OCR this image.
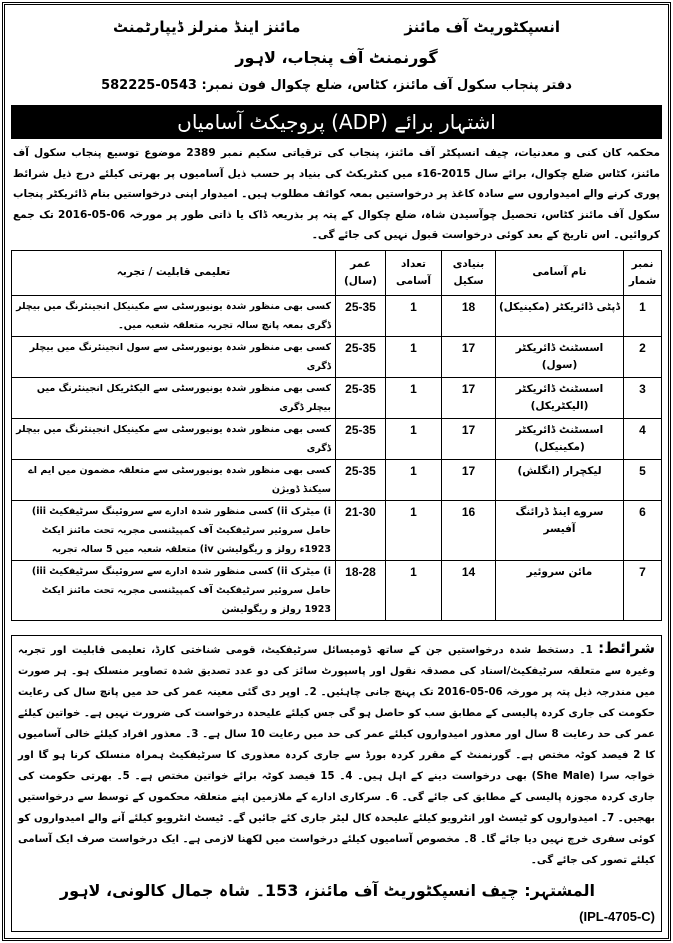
انسپکٹوریٹ آف مائنز
مائنز اینڈ منرلز ڈیپارٹمنٹ
گورنمنٹ آف پنجاب، لاہور
دفتر پنجاب سکول آف مائنز، کٹاس، ضلع چکوال فون نمبر: 0543-582225
اشتہار برائے (ADP) پروجیکٹ آسامیاں
محکمہ کان کنی و معدنیات، چیف انسپکٹر آف مائنز، پنجاب کی ترقیاتی سکیم نمبر 2389 موضوع توسیع پنجاب سکول آف مائنز، کٹاس ضلع چکوال، برائے سال 2015-16ء میں کنٹریکٹ کی بنیاد پر حسب ذیل آسامیوں پر بھرتی کیلئے درج ذیل شرائط پوری کرنے والے امیدواروں سے سادہ کاغذ پر درخواستیں بمعہ کوائف مطلوب ہیں۔ امیدوار اپنی درخواستیں بنام ڈائریکٹر پنجاب سکول آف مائنز کٹاس، تحصیل چوآسیدن شاہ، ضلع چکوال کے پتہ پر بذریعہ ڈاک یا ذاتی طور پر مورخہ 06-05-2016 تک جمع کروائیں۔ اس تاریخ کے بعد کوئی درخواست قبول نہیں کی جائے گی۔
نمبر شمار	نام آسامی	بنیادی سکیل	تعداد آسامی	عمر (سال)	تعلیمی قابلیت / تجربہ
1	ڈپٹی ڈائریکٹر (مکینیکل)	18	1	25-35	کسی بھی منظور شدہ یونیورسٹی سے مکینیکل انجینئرنگ میں بیچلر ڈگری بمعہ پانچ سالہ تجربہ متعلقہ شعبہ میں۔
2	اسسٹنٹ ڈائریکٹر (سول)	17	1	25-35	کسی بھی منظور شدہ یونیورسٹی سے سول انجینئرنگ میں بیچلر ڈگری
3	اسسٹنٹ ڈائریکٹر (الیکٹریکل)	17	1	25-35	کسی بھی منظور شدہ یونیورسٹی سے الیکٹریکل انجینئرنگ میں بیچلر ڈگری
4	اسسٹنٹ ڈائریکٹر (مکینیکل)	17	1	25-35	کسی بھی منظور شدہ یونیورسٹی سے مکینیکل انجینئرنگ میں بیچلر ڈگری
5	لیکچرار (انگلش)	17	1	25-35	کسی بھی منظور شدہ یونیورسٹی سے متعلقہ مضمون میں ایم اے سیکنڈ ڈویژن
6	سروے اینڈ ڈرائنگ آفیسر	16	1	21-30	i) میٹرک ii) کسی منظور شدہ ادارے سے سروئینگ سرٹیفکیٹ iii) حامل سروئیر سرٹیفکیٹ آف کمپیٹنسی مجریہ تحت مائنز ایکٹ 1923ء رولز و ریگولیشن iv) متعلقہ شعبہ میں 5 سالہ تجربہ
7	مائن سروئیر	14	1	18-28	i) میٹرک ii) کسی منظور شدہ ادارے سے سروئینگ سرٹیفکیٹ iii) حامل سروئیر سرٹیفکیٹ آف کمپیٹنسی مجریہ تحت مائنز ایکٹ 1923 رولز و ریگولیشن
شرائط: 1۔ دستخط شدہ درخواستیں جن کے ساتھ ڈومیسائل سرٹیفکیٹ، قومی شناختی کارڈ، تعلیمی قابلیت اور تجربہ وغیرہ سے متعلقہ سرٹیفکیٹ/اسناد کی مصدقہ نقول اور پاسپورٹ سائز کی دو عدد تصدیق شدہ تصاویر منسلک ہو۔ ہر صورت میں مندرجہ ذیل پتہ پر مورخہ 06-05-2016 تک پہنچ جانی چاہئیں۔ 2۔ اوپر دی گئی معینہ عمر کی حد میں پانچ سال کی رعایت حکومت کی جاری کردہ پالیسی کے مطابق سب کو حاصل ہو گی جس کیلئے علیحدہ درخواست کی ضرورت نہیں ہے۔ خواتین کیلئے عمر کی حد رعایت 8 سال اور معذور امیدواروں کیلئے عمر کی حد میں رعایت 10 سال ہے۔ 3۔ معذور افراد کیلئے خالی آسامیوں کا 2 فیصد کوٹہ مختص ہے۔ گورنمنٹ کے مقرر کردہ بورڈ سے جاری کردہ معذوری کا سرٹیفکیٹ ہمراہ منسلک کرنا ہو گا اور خواجہ سرا (She Male) بھی درخواست دینے کے اہل ہیں۔ 4۔ 15 فیصد کوٹہ برائے خواتین مختص ہے۔ 5۔ بھرتی حکومت کی جاری کردہ مجوزہ پالیسی کے مطابق کی جائے گی۔ 6۔ سرکاری ادارے کے ملازمین اپنے متعلقہ محکموں کے توسط سے درخواستیں بھجیں۔ 7۔ امیدواروں کو ٹیسٹ اور انٹرویو کیلئے علیحدہ کال لیٹر جاری کئے جائیں گے۔ ٹیسٹ انٹرویو کیلئے آنے والے امیدواروں کو کوئی سفری خرچ نہیں دیا جائے گا۔ 8۔ مخصوص آسامیوں کیلئے درخواست میں لکھنا لازمی ہے۔ ایک درخواست صرف ایک آسامی کیلئے تصور کی جائے گی۔
المشتہر: چیف انسپکٹوریٹ آف مائنز، 153۔ شاہ جمال کالونی، لاہور
(IPL-4705-C)
